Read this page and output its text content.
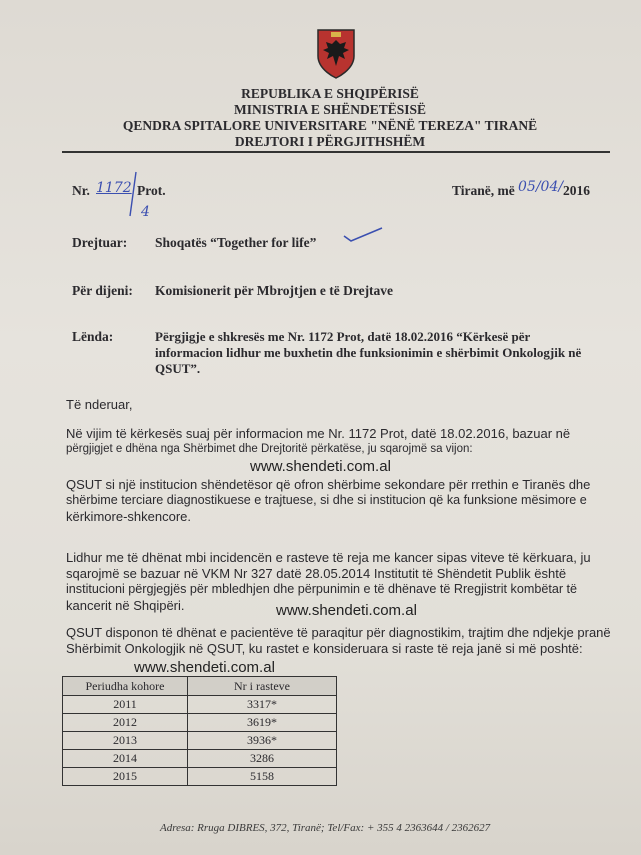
REPUBLIKA E SHQIPËRISË
MINISTRIA E SHËNDETËSISË
QENDRA SPITALORE UNIVERSITARE "NËNË TEREZA" TIRANË
DREJTORI I PËRGJITHSHËM
Nr. 1172 Prot.
4
Tiranë, më 05/04/ 2016
Drejtuar: Shoqatës “Together for life”
Për dijeni: Komisionerit për Mbrojtjen e të Drejtave
Lënda:	Përgjigje e shkresës me Nr. 1172 Prot, datë 18.02.2016 “Kërkesë për
informacion lidhur me buxhetin dhe funksionimin e shërbimit Onkologjik në
QSUT”.
Të nderuar,
Në vijim të kërkesës suaj për informacion me Nr. 1172 Prot, datë 18.02.2016, bazuar në
përgjigjet e dhëna nga Shërbimet dhe Drejtoritë përkatëse, ju sqarojmë sa vijon:
www.shendeti.com.al
QSUT si një institucion shëndetësor që ofron shërbime sekondare për rrethin e Tiranës dhe
shërbime terciare diagnostikuese e trajtuese, si dhe si institucion që ka funksione mësimore e
kërkimore-shkencore.
Lidhur me të dhënat mbi incidencën e rasteve të reja me kancer sipas viteve të kërkuara, ju
sqarojmë se bazuar në VKM Nr 327 datë 28.05.2014 Institutit të Shëndetit Publik është
institucioni përgjegjës për mbledhjen dhe përpunimin e të dhënave të Rregjistrit kombëtar të
kancerit në Shqipëri.	www.shendeti.com.al
QSUT disponon të dhënat e pacientëve të paraqitur për diagnostikim, trajtim dhe ndjekje pranë
Shërbimit Onkologjik në QSUT, ku rastet e konsideruara si raste të reja janë si më poshtë:
www.shendeti.com.al
Periudha kohore	Nr i rasteve
2011	3317*
2012	3619*
2013	3936*
2014	3286
2015	5158
Adresa: Rruga DIBRES, 372, Tiranë; Tel/Fax: + 355 4 2363644 / 2362627
